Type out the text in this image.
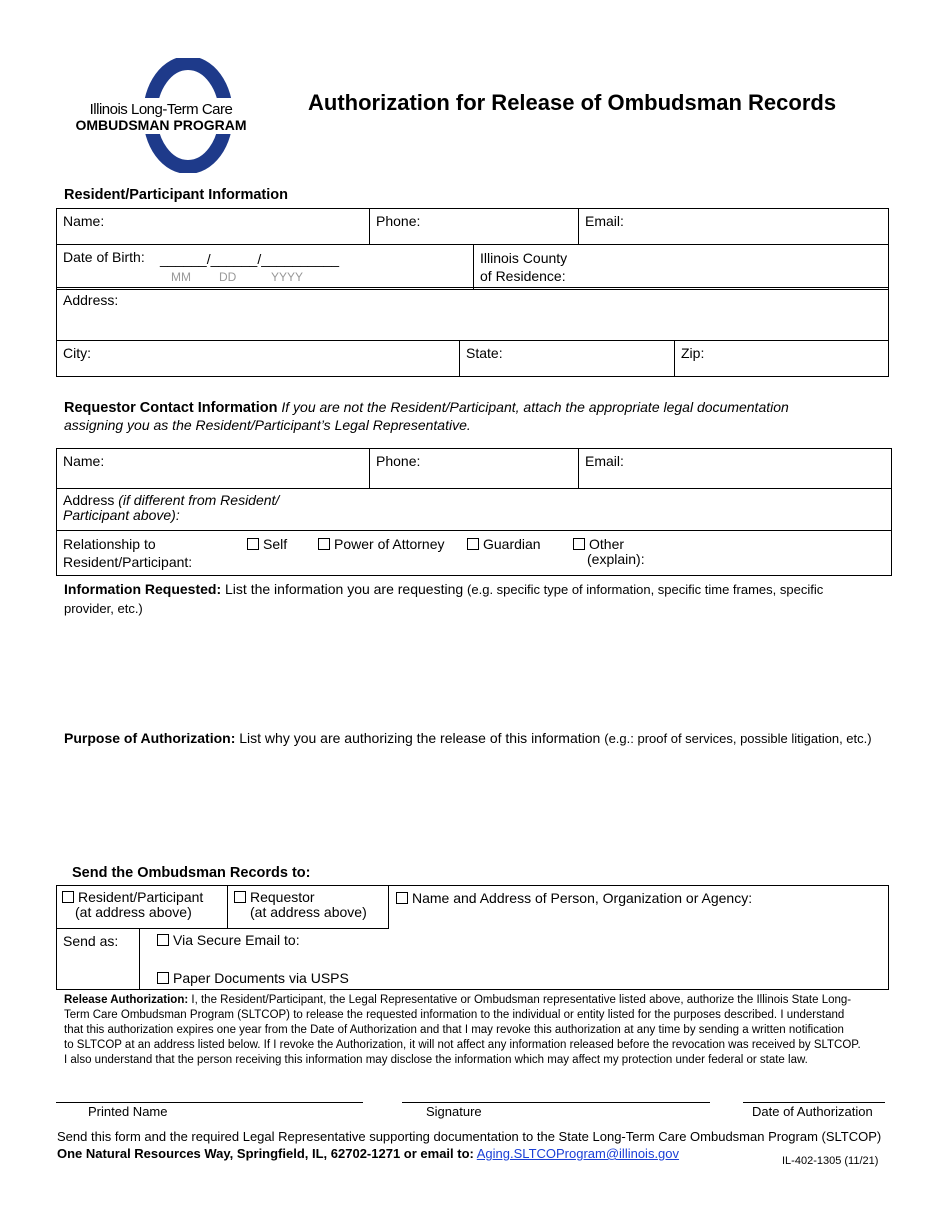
Illinois Long-Term Care
OMBUDSMAN PROGRAM
Authorization for Release of Ombudsman Records
Resident/Participant Information
Name:	Phone:	Email:
Date of Birth: ______/______/__________
MM DD	YYYY

Illinois County
of Residence:
Address:
City:	State:	Zip:
Requestor Contact Information If you are not the Resident/Participant, attach the appropriate legal documentation
assigning you as the Resident/Participant’s Legal Representative.
Name:	Phone:	Email:
Address (if different from Resident/
Participant above):
Relationship to
Resident/Participant:
Self	Power of Attorney	Guardian	Other
(explain):
Information Requested: List the information you are requesting (e.g. specific type of information, specific time frames, specific
provider, etc.)
Purpose of Authorization: List why you are authorizing the release of this information (e.g.: proof of services, possible litigation, etc.)
Send the Ombudsman Records to:
Resident/Participant
(at address above)
Requestor
(at address above)
Name and Address of Person, Organization or Agency:
Send as:	Via Secure Email to:
Paper Documents via USPS
Release Authorization: I, the Resident/Participant, the Legal Representative or Ombudsman representative listed above, authorize the Illinois State Long-
Term Care Ombudsman Program (SLTCOP) to release the requested information to the individual or entity listed for the purposes described. I understand
that this authorization expires one year from the Date of Authorization and that I may revoke this authorization at any time by sending a written notification
to SLTCOP at an address listed below. If I revoke the Authorization, it will not affect any information released before the revocation was received by SLTCOP.
I also understand that the person receiving this information may disclose the information which may affect my protection under federal or state law.
Printed Name	Signature	Date of Authorization
Send this form and the required Legal Representative supporting documentation to the State Long-Term Care Ombudsman Program (SLTCOP)
One Natural Resources Way, Springfield, IL, 62702-1271 or email to: Aging.SLTCOProgram@illinois.gov	IL-402-1305 (11/21)
